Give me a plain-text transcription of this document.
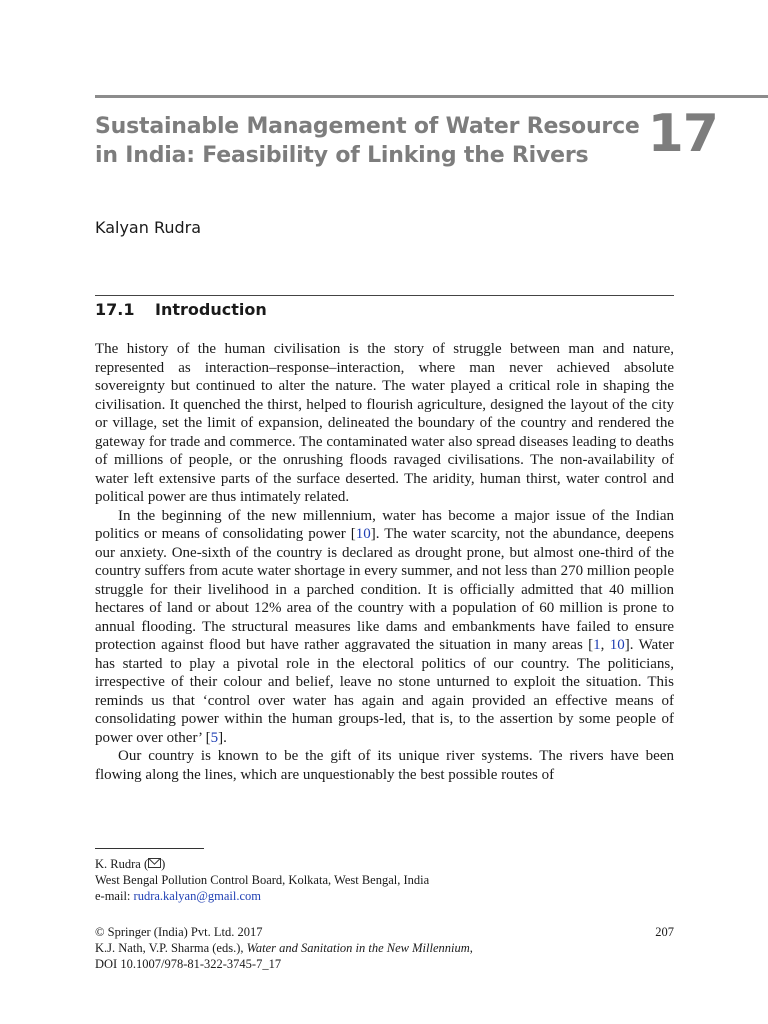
Sustainable Management of Water Resource
in India: Feasibility of Linking the Rivers	17
Kalyan Rudra
17.1 Introduction

The history of the human civilisation is the story of struggle between man and nature, represented as interaction–response–interaction, where man never achieved absolute sovereignty but continued to alter the nature. The water played a critical role in shaping the civilisation. It quenched the thirst, helped to flourish agriculture, designed the layout of the city or village, set the limit of expansion, delineated the boundary of the country and rendered the gateway for trade and commerce. The contaminated water also spread diseases leading to deaths of millions of people, or the onrushing floods ravaged civilisations. The non-availability of water left extensive parts of the surface deserted. The aridity, human thirst, water control and political power are thus intimately related.

In the beginning of the new millennium, water has become a major issue of the Indian politics or means of consolidating power [10]. The water scarcity, not the abundance, deepens our anxiety. One-sixth of the country is declared as drought prone, but almost one-third of the country suffers from acute water shortage in every summer, and not less than 270 million people struggle for their livelihood in a parched condition. It is officially admitted that 40 million hectares of land or about 12% area of the country with a population of 60 million is prone to annual flooding. The structural measures like dams and embankments have failed to ensure protection against flood but have rather aggravated the situation in many areas [1, 10]. Water has started to play a pivotal role in the electoral politics of our country. The politicians, irrespective of their colour and belief, leave no stone unturned to exploit the situation. This reminds us that ‘control over water has again and again provided an effective means of consolidating power within the human groups-led, that is, to the assertion by some people of power over other’ [5].

Our country is known to be the gift of its unique river systems. The rivers have been flowing along the lines, which are unquestionably the best possible routes of

K. Rudra ( )
West Bengal Pollution Control Board, Kolkata, West Bengal, India
e-mail: rudra.kalyan@gmail.com
© Springer (India) Pvt. Ltd. 2017
K.J. Nath, V.P. Sharma (eds.), Water and Sanitation in the New Millennium,
DOI 10.1007/978-81-322-3745-7_17
207
